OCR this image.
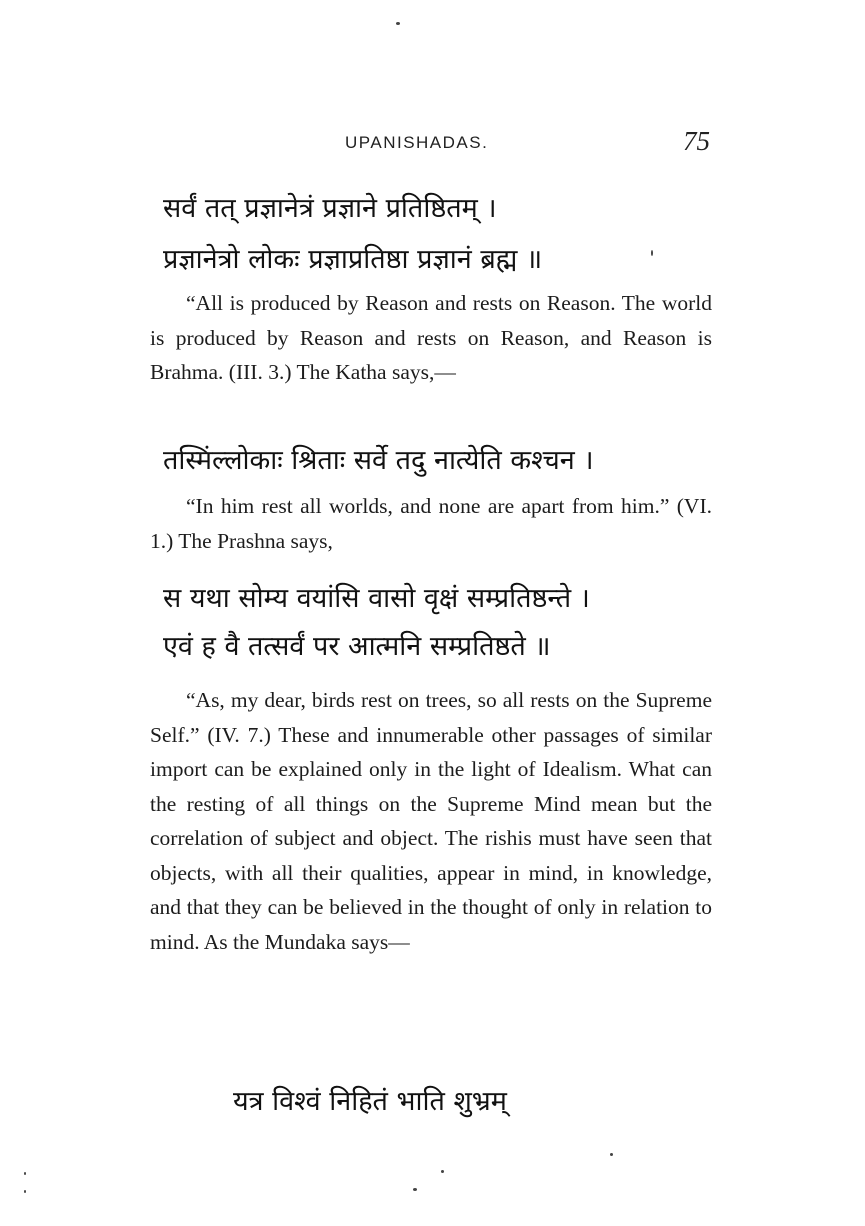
UPANISHADAS.	75
सर्वं तत् प्रज्ञानेत्रं प्रज्ञाने प्रतिष्ठितम् ।
प्रज्ञानेत्रो लोकः प्रज्ञाप्रतिष्ठा प्रज्ञानं ब्रह्म ॥

“All is produced by Reason and rests on Reason. The world is produced by Reason and rests on Reason, and Reason is Brahma. (III. 3.) The Katha says,—

तस्मिंल्लोकाः श्रिताः सर्वे तदु नात्येति कश्चन ।

“In him rest all worlds, and none are apart from him.” (VI. 1.) The Prashna says,

स यथा सोम्य वयांसि वासो वृक्षं सम्प्रतिष्ठन्ते ।
एवं ह वै तत्सर्वं पर आत्मनि सम्प्रतिष्ठते ॥

“As, my dear, birds rest on trees, so all rests on the Supreme Self.” (IV. 7.) These and innumerable other passages of similar import can be explained only in the light of Idealism. What can the resting of all things on the Supreme Mind mean but the correlation of subject and object. The rishis must have seen that objects, with all their qualities, appear in mind, in knowledge, and that they can be believed in the thought of only in relation to mind. As the Mundaka says—

यत्र विश्वं निहितं भाति शुभ्रम्
